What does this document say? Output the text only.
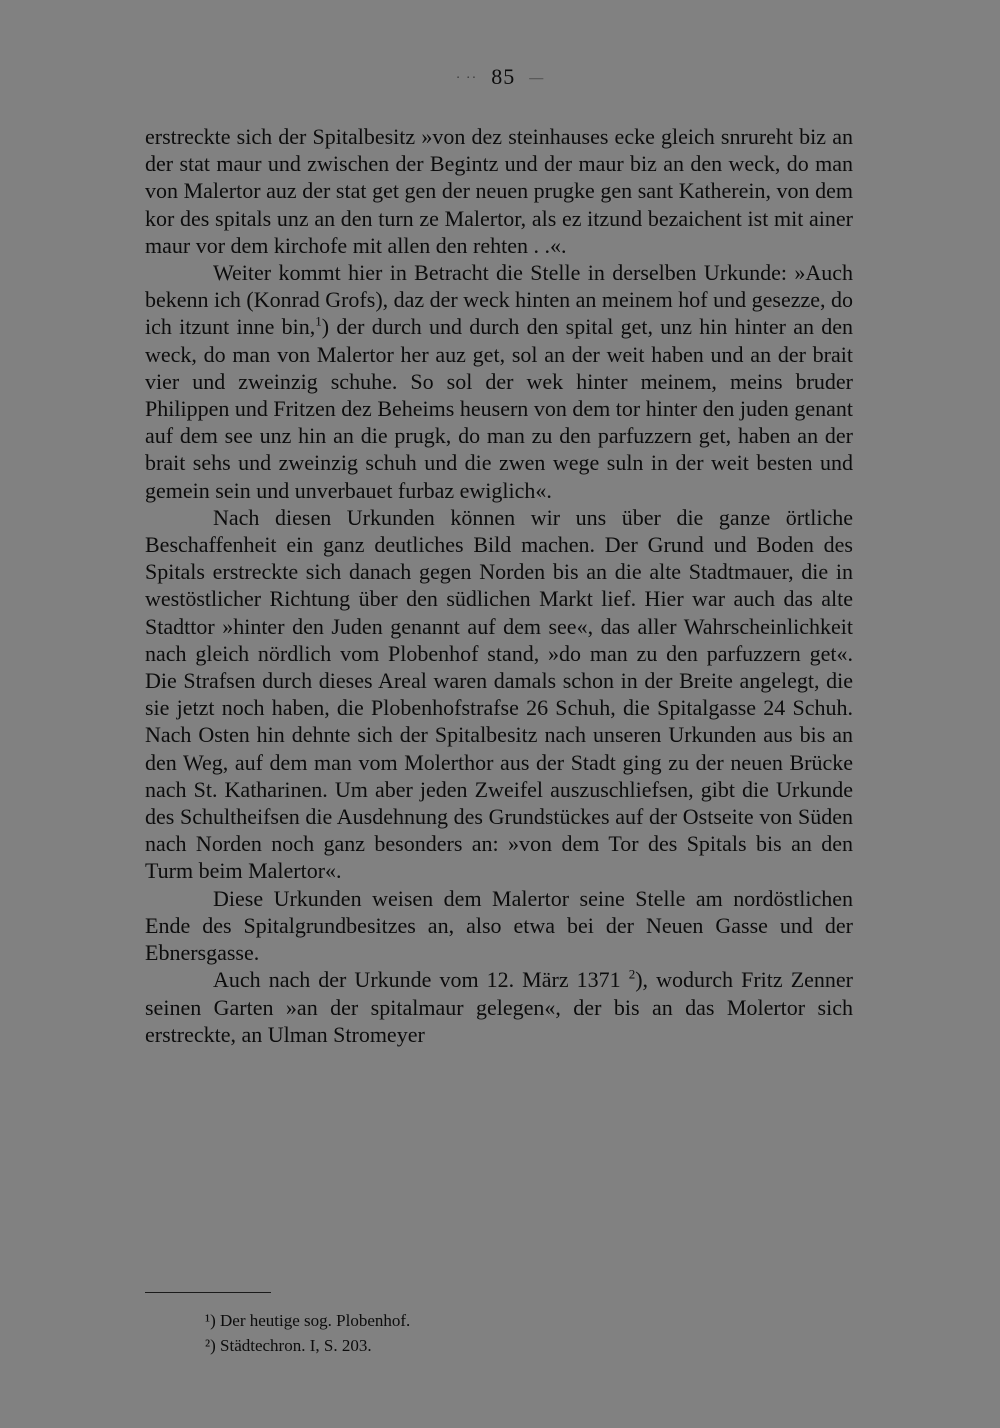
· ·· 85 —

erstreckte sich der Spitalbesitz »von dez steinhauses ecke gleich snrureht biz an der stat maur und zwischen der Begintz und der maur biz an den weck, do man von Malertor auz der stat get gen der neuen prugke gen sant Katherein, von dem kor des spitals unz an den turn ze Malertor, als ez itzund bezaichent ist mit ainer maur vor dem kirchofe mit allen den rehten . .«.

Weiter kommt hier in Betracht die Stelle in derselben Urkunde: »Auch bekenn ich (Konrad Grofs), daz der weck hinten an meinem hof und gesezze, do ich itzunt inne bin,$^1$) der durch und durch den spital get, unz hin hinter an den weck, do man von Malertor her auz get, sol an der weit haben und an der brait vier und zweinzig schuhe. So sol der wek hinter meinem, meins bruder Philippen und Fritzen dez Beheims heusern von dem tor hinter den juden genant auf dem see unz hin an die prugk, do man zu den parfuzzern get, haben an der brait sehs und zweinzig schuh und die zwen wege suln in der weit besten und gemein sein und unverbauet furbaz ewiglich«.

Nach diesen Urkunden können wir uns über die ganze örtliche Beschaffenheit ein ganz deutliches Bild machen. Der Grund und Boden des Spitals erstreckte sich danach gegen Norden bis an die alte Stadtmauer, die in westöstlicher Richtung über den südlichen Markt lief. Hier war auch das alte Stadttor »hinter den Juden genannt auf dem see«, das aller Wahrscheinlichkeit nach gleich nördlich vom Plobenhof stand, »do man zu den parfuzzern get«. Die Strafsen durch dieses Areal waren damals schon in der Breite angelegt, die sie jetzt noch haben, die Plobenhofstrafse 26 Schuh, die Spitalgasse 24 Schuh. Nach Osten hin dehnte sich der Spitalbesitz nach unseren Urkunden aus bis an den Weg, auf dem man vom Molerthor aus der Stadt ging zu der neuen Brücke nach St. Katharinen. Um aber jeden Zweifel auszuschliefsen, gibt die Urkunde des Schultheifsen die Ausdehnung des Grundstückes auf der Ostseite von Süden nach Norden noch ganz besonders an: »von dem Tor des Spitals bis an den Turm beim Malertor«.

Diese Urkunden weisen dem Malertor seine Stelle am nordöstlichen Ende des Spitalgrundbesitzes an, also etwa bei der Neuen Gasse und der Ebnersgasse.

Auch nach der Urkunde vom 12. März 1371 $^2$), wodurch Fritz Zenner seinen Garten »an der spitalmaur gelegen«, der bis an das Molertor sich erstreckte, an Ulman Stromeyer

¹) Der heutige sog. Plobenhof.

²) Städtechron. I, S. 203.
